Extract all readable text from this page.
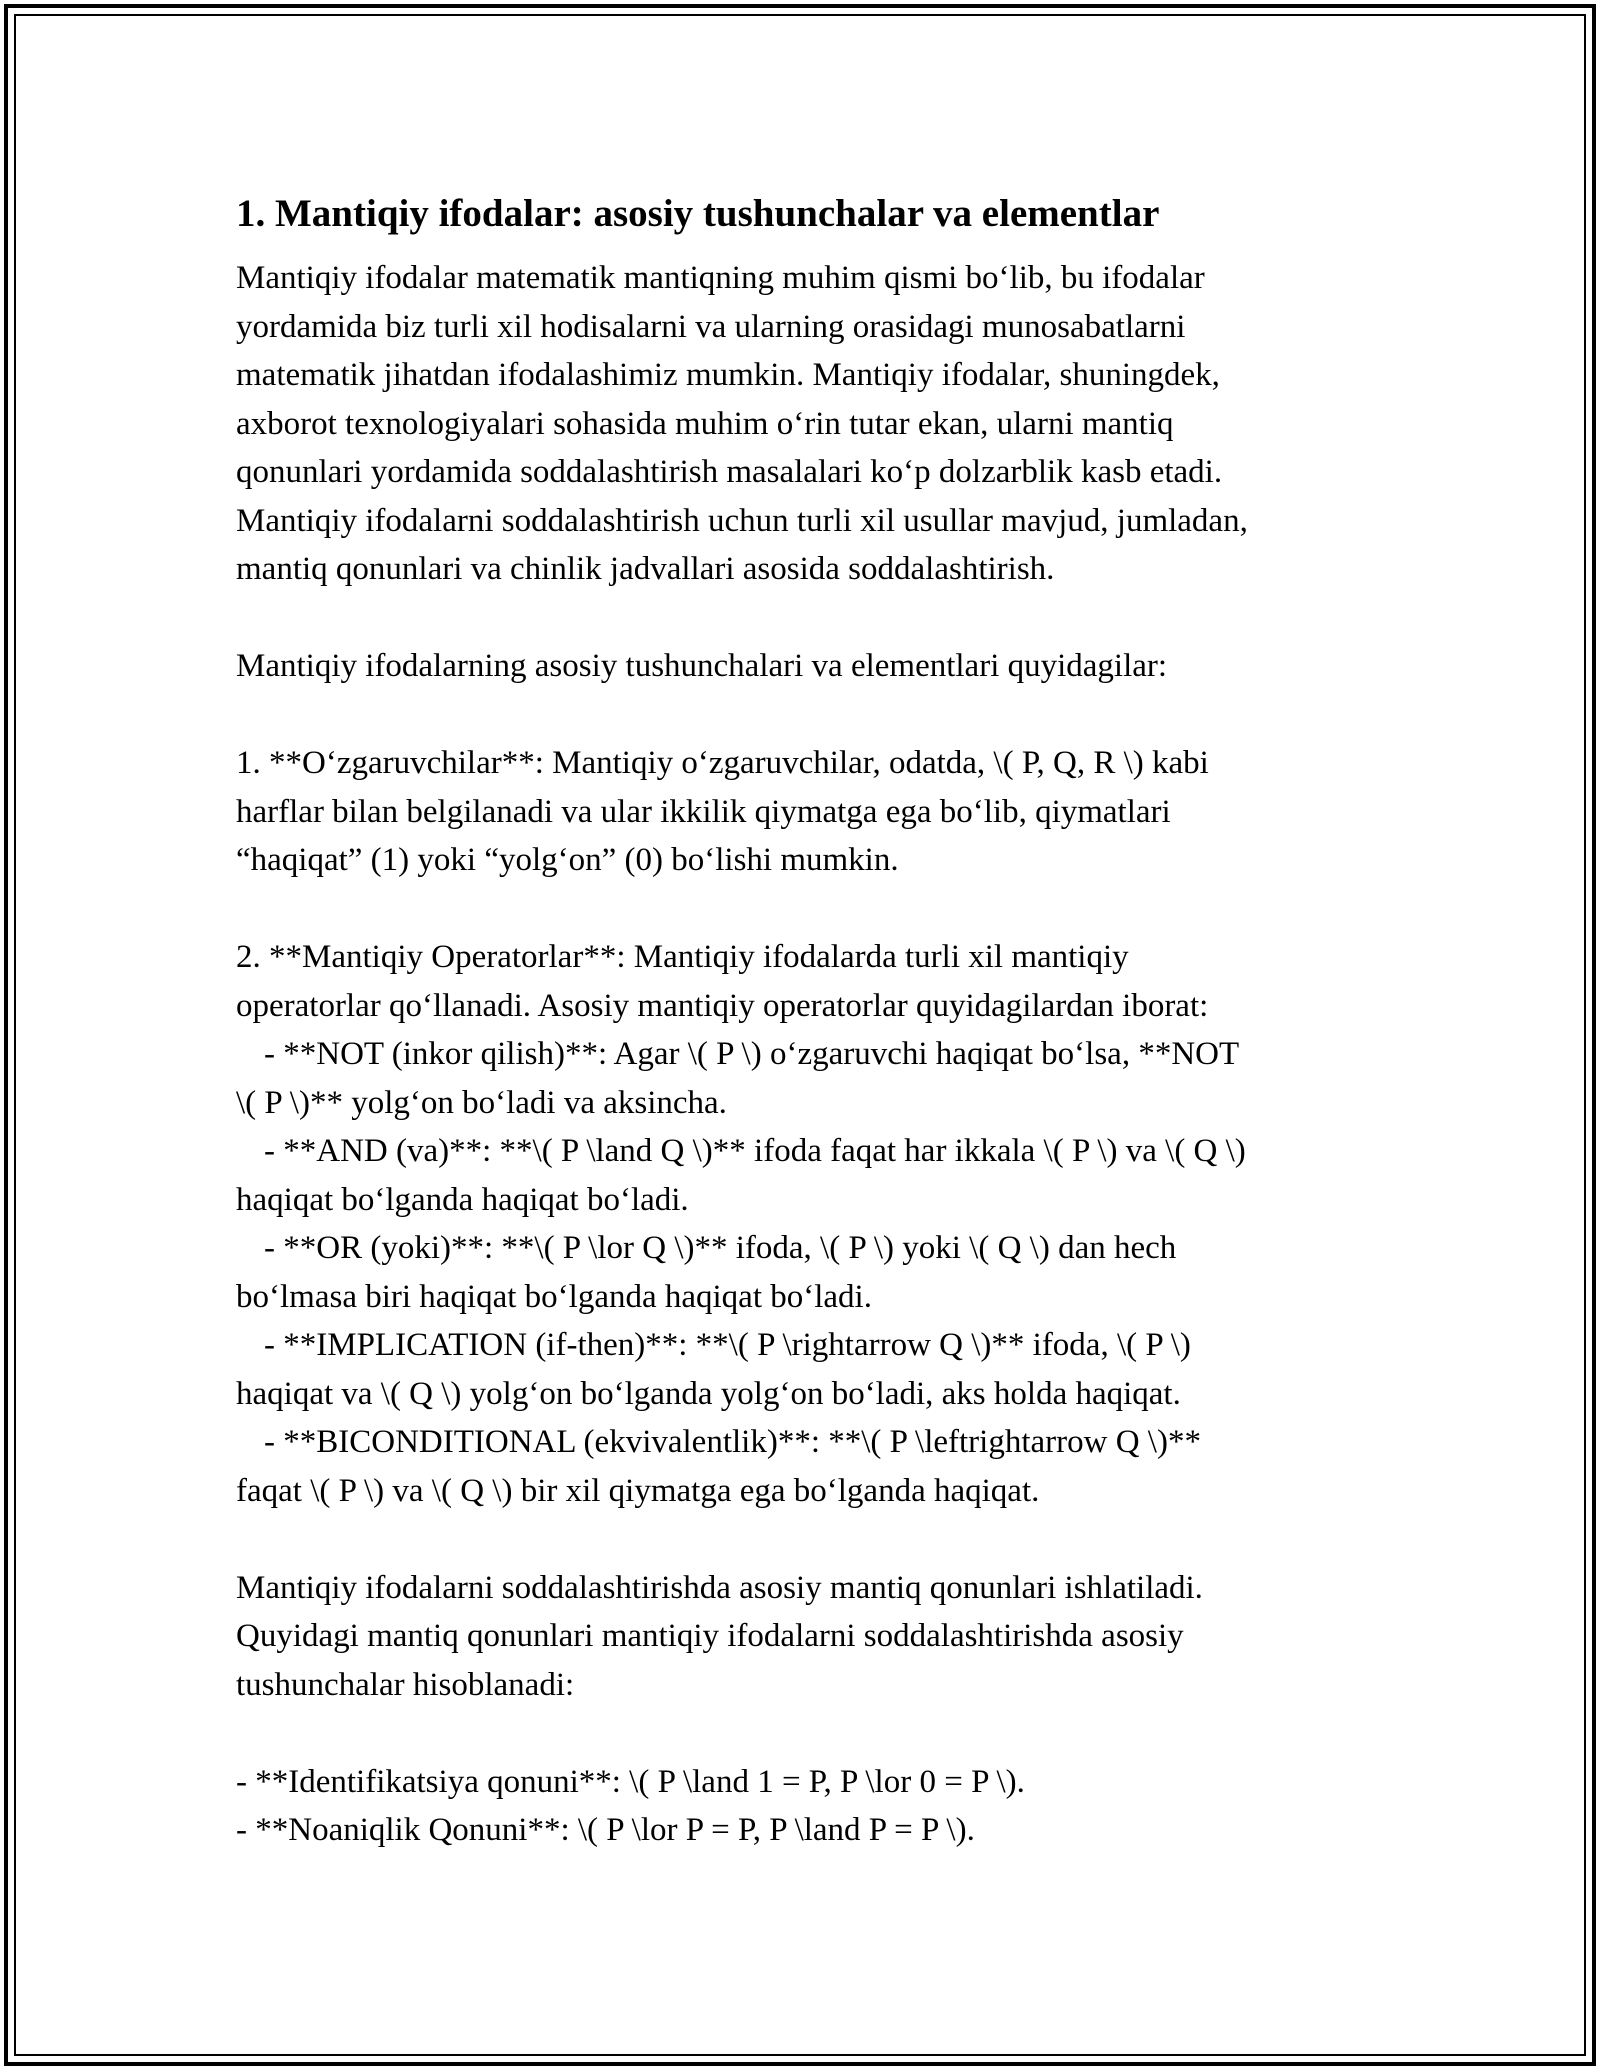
1. Mantiqiy ifodalar: asosiy tushunchalar va elementlar
Mantiqiy ifodalar matematik mantiqning muhim qismi bo‘lib, bu ifodalar
yordamida biz turli xil hodisalarni va ularning orasidagi munosabatlarni
matematik jihatdan ifodalashimiz mumkin. Mantiqiy ifodalar, shuningdek,
axborot texnologiyalari sohasida muhim o‘rin tutar ekan, ularni mantiq
qonunlari yordamida soddalashtirish masalalari ko‘p dolzarblik kasb etadi.
Mantiqiy ifodalarni soddalashtirish uchun turli xil usullar mavjud, jumladan,
mantiq qonunlari va chinlik jadvallari asosida soddalashtirish.
Mantiqiy ifodalarning asosiy tushunchalari va elementlari quyidagilar:
1. **O‘zgaruvchilar**: Mantiqiy o‘zgaruvchilar, odatda, \( P, Q, R \) kabi
harflar bilan belgilanadi va ular ikkilik qiymatga ega bo‘lib, qiymatlari
“haqiqat” (1) yoki “yolg‘on” (0) bo‘lishi mumkin.
2. **Mantiqiy Operatorlar**: Mantiqiy ifodalarda turli xil mantiqiy
operatorlar qo‘llanadi. Asosiy mantiqiy operatorlar quyidagilardan iborat:
- **NOT (inkor qilish)**: Agar \( P \) o‘zgaruvchi haqiqat bo‘lsa, **NOT
\( P \)** yolg‘on bo‘ladi va aksincha.
- **AND (va)**: **\( P \land Q \)** ifoda faqat har ikkala \( P \) va \( Q \)
haqiqat bo‘lganda haqiqat bo‘ladi.
- **OR (yoki)**: **\( P \lor Q \)** ifoda, \( P \) yoki \( Q \) dan hech
bo‘lmasa biri haqiqat bo‘lganda haqiqat bo‘ladi.
- **IMPLICATION (if-then)**: **\( P \rightarrow Q \)** ifoda, \( P \)
haqiqat va \( Q \) yolg‘on bo‘lganda yolg‘on bo‘ladi, aks holda haqiqat.
- **BICONDITIONAL (ekvivalentlik)**: **\( P \leftrightarrow Q \)**
faqat \( P \) va \( Q \) bir xil qiymatga ega bo‘lganda haqiqat.
Mantiqiy ifodalarni soddalashtirishda asosiy mantiq qonunlari ishlatiladi.
Quyidagi mantiq qonunlari mantiqiy ifodalarni soddalashtirishda asosiy
tushunchalar hisoblanadi:
- **Identifikatsiya qonuni**: \( P \land 1 = P, P \lor 0 = P \).
- **Noaniqlik Qonuni**: \( P \lor P = P, P \land P = P \).
